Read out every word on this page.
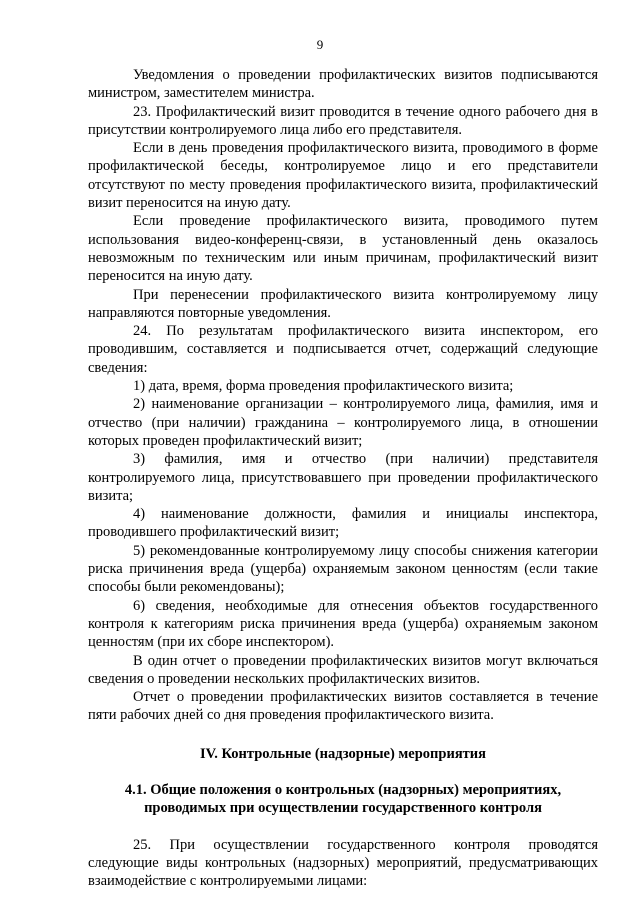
9

Уведомления о проведении профилактических визитов подписываются министром, заместителем министра.

23. Профилактический визит проводится в течение одного рабочего дня в присутствии контролируемого лица либо его представителя.

Если в день проведения профилактического визита, проводимого в форме профилактической беседы, контролируемое лицо и его представители отсутствуют по месту проведения профилактического визита, профилактический визит переносится на иную дату.

Если проведение профилактического визита, проводимого путем использования видео-конференц-связи, в установленный день оказалось невозможным по техническим или иным причинам, профилактический визит переносится на иную дату.

При перенесении профилактического визита контролируемому лицу направляются повторные уведомления.

24. По результатам профилактического визита инспектором, его проводившим, составляется и подписывается отчет, содержащий следующие сведения:

1) дата, время, форма проведения профилактического визита;

2) наименование организации – контролируемого лица, фамилия, имя и отчество (при наличии) гражданина – контролируемого лица, в отношении которых проведен профилактический визит;

3) фамилия, имя и отчество (при наличии) представителя контролируемого лица, присутствовавшего при проведении профилактического визита;

4) наименование должности, фамилия и инициалы инспектора, проводившего профилактический визит;

5) рекомендованные контролируемому лицу способы снижения категории риска причинения вреда (ущерба) охраняемым законом ценностям (если такие способы были рекомендованы);

6) сведения, необходимые для отнесения объектов государственного контроля к категориям риска причинения вреда (ущерба) охраняемым законом ценностям (при их сборе инспектором).

В один отчет о проведении профилактических визитов могут включаться сведения о проведении нескольких профилактических визитов.

Отчет о проведении профилактических визитов составляется в течение пяти рабочих дней со дня проведения профилактического визита.

IV. Контрольные (надзорные) мероприятия

4.1. Общие положения о контрольных (надзорных) мероприятиях,
проводимых при осуществлении государственного контроля

25. При осуществлении государственного контроля проводятся следующие виды контрольных (надзорных) мероприятий, предусматривающих взаимодействие с контролируемыми лицами:
